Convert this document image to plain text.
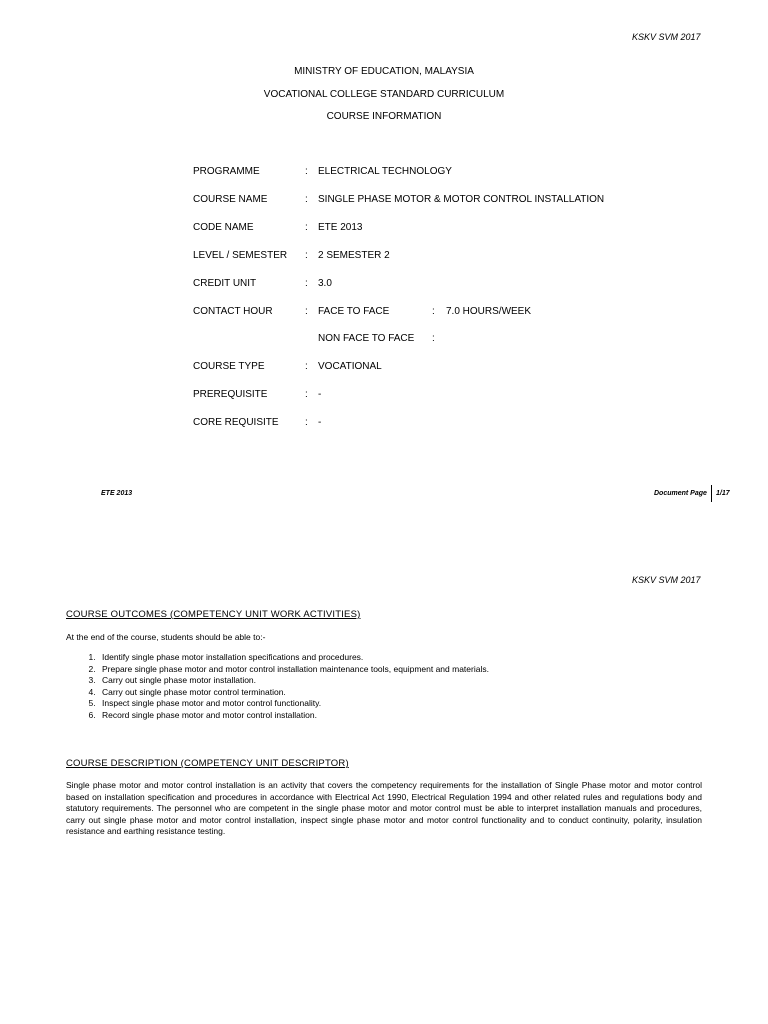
KSKV SVM 2017
MINISTRY OF EDUCATION, MALAYSIA
VOCATIONAL COLLEGE STANDARD CURRICULUM
COURSE INFORMATION
PROGRAMME	: ELECTRICAL TECHNOLOGY
COURSE NAME	: SINGLE PHASE MOTOR & MOTOR CONTROL INSTALLATION
CODE NAME	: ETE 2013
LEVEL / SEMESTER : 2 SEMESTER 2
CREDIT UNIT	: 3.0
CONTACT HOUR	: FACE TO FACE	: 7.0 HOURS/WEEK
NON FACE TO FACE :
COURSE TYPE	: VOCATIONAL
PREREQUISITE	: -
CORE REQUISITE	: -
ETE 2013	Document Page 1/17
KSKV SVM 2017
COURSE OUTCOMES (COMPETENCY UNIT WORK ACTIVITIES)
At the end of the course, students should be able to:-
1. Identify single phase motor installation specifications and procedures.
2. Prepare single phase motor and motor control installation maintenance tools, equipment and materials.
3. Carry out single phase motor installation.
4. Carry out single phase motor control termination.
5. Inspect single phase motor and motor control functionality.
6. Record single phase motor and motor control installation.
COURSE DESCRIPTION (COMPETENCY UNIT DESCRIPTOR)
Single phase motor and motor control installation is an activity that covers the competency requirements for the installation of Single Phase motor and motor control based on installation specification and procedures in accordance with Electrical Act 1990, Electrical Regulation 1994 and other related rules and regulations body and statutory requirements. The personnel who are competent in the single phase motor and motor control must be able to interpret installation manuals and procedures, carry out single phase motor and motor control installation, inspect single phase motor and motor control functionality and to conduct continuity, polarity, insulation resistance and earthing resistance testing.
